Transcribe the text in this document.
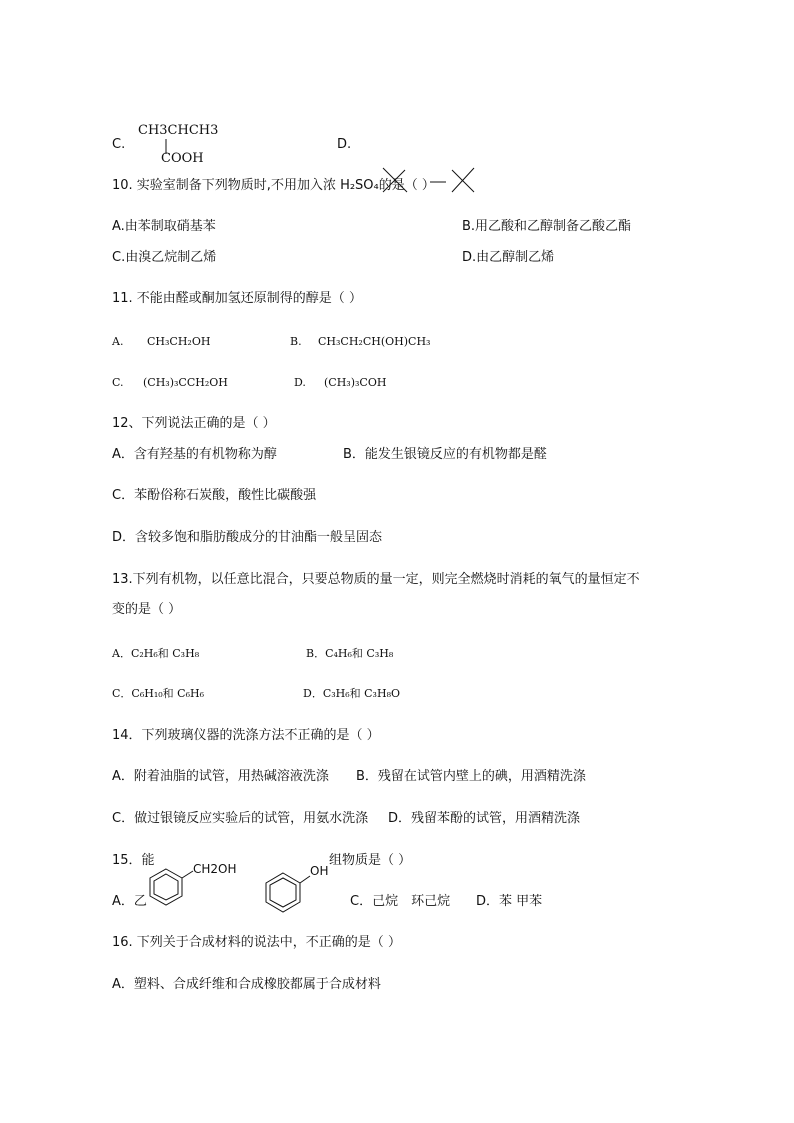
C.
CH3CHCH3
COOH
D.
10. 实验室制备下列物质时,不用加入浓 H₂SO₄的是（ ）
A.由苯制取硝基苯	B.用乙酸和乙醇制备乙酸乙酯
C.由溴乙烷制乙烯	D.由乙醇制乙烯
11. 不能由醛或酮加氢还原制得的醇是（ ）
A. CH₃CH₂OH	B. CH₃CH₂CH(OH)CH₃
C. (CH₃)₃CCH₂OH	D. (CH₃)₃COH
12、下列说法正确的是（ ）
A．含有羟基的有机物称为醇	B．能发生银镜反应的有机物都是醛
C．苯酚俗称石炭酸，酸性比碳酸强
D．含较多饱和脂肪酸成分的甘油酯一般呈固态
13.下列有机物，以任意比混合，只要总物质的量一定，则完全燃烧时消耗的氧气的量恒定不
变的是（ ）
A．C₂H₆和 C₃H₈	B．C₄H₆和 C₃H₈
C．C₆H₁₀和 C₆H₆	D．C₃H₆和 C₃H₈O
14．下列玻璃仪器的洗涤方法不正确的是（ ）
A．附着油脂的试管，用热碱溶液洗涤 B．残留在试管内壁上的碘，用酒精洗涤
C．做过银镜反应实验后的试管，用氨水洗涤 D．残留苯酚的试管，用酒精洗涤
15．能	组物质是（ ）
A．乙
CH2OH	OH
C．己烷　环己烷 D．苯 甲苯
16. 下列关于合成材料的说法中，不正确的是（ ）
A．塑料、合成纤维和合成橡胶都属于合成材料
